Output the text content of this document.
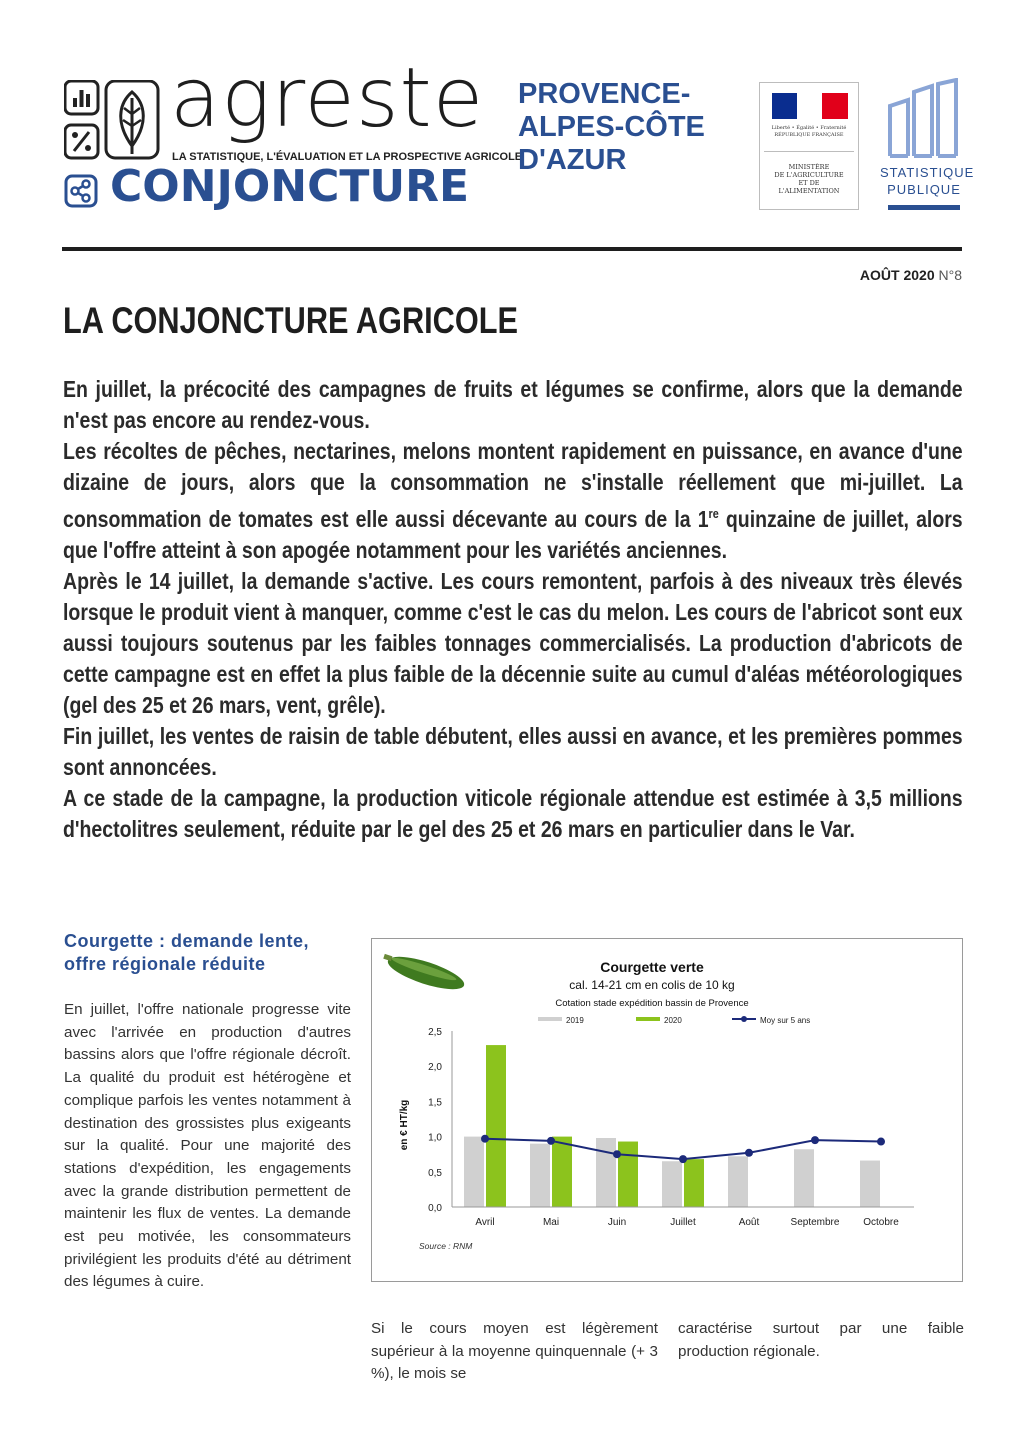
agreste
LA STATISTIQUE, L'ÉVALUATION ET LA PROSPECTIVE AGRICOLE
CONJONCTURE
PROVENCE-
ALPES-CÔTE
D'AZUR
Liberté • Égalité • Fraternité
RÉPUBLIQUE FRANÇAISE
MINISTÈRE
DE L'AGRICULTURE
ET DE
L'ALIMENTATION
STATISTIQUE
PUBLIQUE
AOÛT 2020 N°8
LA CONJONCTURE AGRICOLE

En juillet, la précocité des campagnes de fruits et légumes se confirme, alors que la demande n'est pas encore au rendez-vous.

Les récoltes de pêches, nectarines, melons montent rapidement en puissance, en avance d'une dizaine de jours, alors que la consommation ne s'installe réellement que mi-juillet. La consommation de tomates est elle aussi décevante au cours de la 1re quinzaine de juillet, alors que l'offre atteint à son apogée notamment pour les variétés anciennes.

Après le 14 juillet, la demande s'active. Les cours remontent, parfois à des niveaux très élevés lorsque le produit vient à manquer, comme c'est le cas du melon. Les cours de l'abricot sont eux aussi toujours soutenus par les faibles tonnages commercialisés. La production d'abricots de cette campagne est en effet la plus faible de la décennie suite au cumul d'aléas météorologiques (gel des 25 et 26 mars, vent, grêle).

Fin juillet, les ventes de raisin de table débutent, elles aussi en avance, et les premières pommes sont annoncées.

A ce stade de la campagne, la production viticole régionale attendue est estimée à 3,5 millions d'hectolitres seulement, réduite par le gel des 25 et 26 mars en particulier dans le Var.

Courgette : demande lente, offre régionale réduite

En juillet, l'offre nationale progresse vite avec l'arrivée en production d'autres bassins alors que l'offre régionale décroît. La qualité du produit est hétérogène et complique parfois les ventes notamment à destination des grossistes plus exigeants sur la qualité. Pour une majorité des stations d'expédition, les engagements avec la grande distribution permettent de maintenir les flux de ventes. La demande est peu motivée, les consommateurs privilégient les produits d'été au détriment des légumes à cuire.

Si le cours moyen est légèrement supérieur à la moyenne quinquennale (+ 3 %), le mois se

caractérise surtout par une faible production régionale.

Courgette verte
cal. 14-21 cm en colis de 10 kg
Cotation stade expédition bassin de Provence
2019	2020	Moy sur 5 ans
0,0
0,5
1,0
1,5
2,0
2,5
en € HT/kg
Avril	Mai	Juin	Juillet	Août	Septembre Octobre
Source : RNM
